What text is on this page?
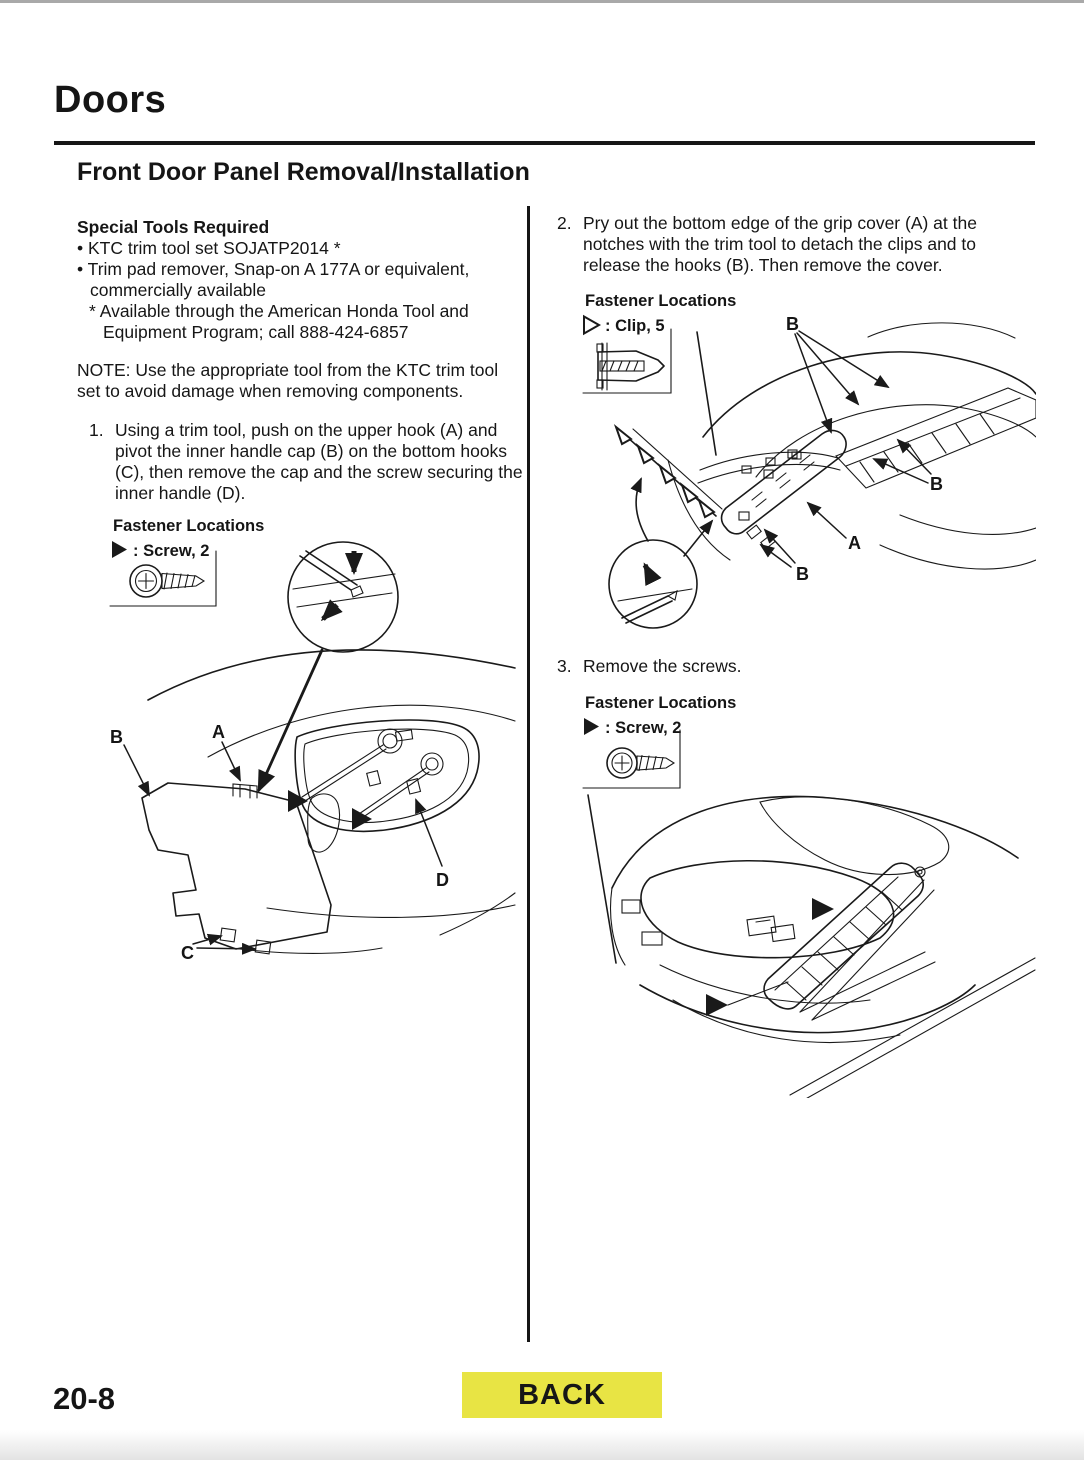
Doors
Front Door Panel Removal/Installation
Special Tools Required
• KTC trim tool set SOJATP2014 *
• Trim pad remover, Snap-on A 177A or equivalent, commercially available
* Available through the American Honda Tool and Equipment Program; call 888-424-6857
NOTE: Use the appropriate tool from the KTC trim tool set to avoid damage when removing components.
1. Using a trim tool, push on the upper hook (A) and pivot the inner handle cap (B) on the bottom hooks (C), then remove the cap and the screw securing the inner handle (D).
Fastener Locations
: Screw, 2
B	A
C
D
2. Pry out the bottom edge of the grip cover (A) at the notches with the trim tool to detach the clips and to release the hooks (B). Then remove the cover.
Fastener Locations
: Clip, 5	B
B
A
B
3. Remove the screws.
Fastener Locations
: Screw, 2
20-8	BACK
